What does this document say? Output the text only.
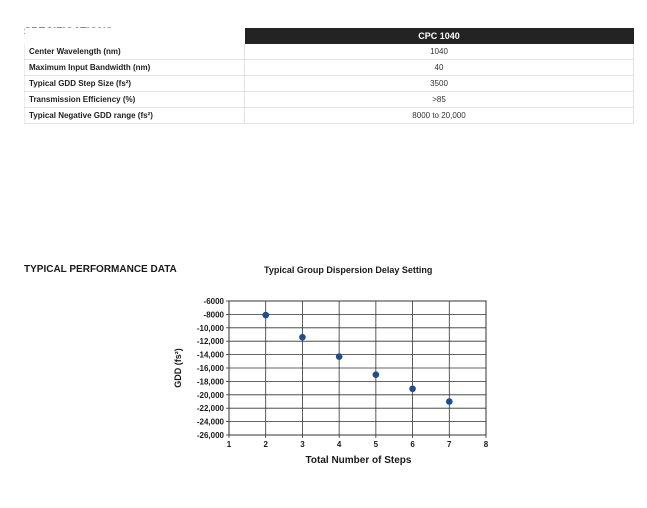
	CPC 1040
Center Wavelength (nm)	1040
Maximum Input Bandwidth (nm)	40
Typical GDD Step Size (fs²)	3500
Transmission Efficiency (%)	>85
Typical Negative GDD range (fs²)	8000 to 20,000
TYPICAL PERFORMANCE DATA	Typical Group Dispersion Delay Setting
-6000
-8000
-10,000
-12,000
-14,000
-16,000
-18,000
-20,000
-22,000
-24,000
-26,000
1	2	3	4	5	6	7	8
Total Number of Steps
GDD (fs²)
